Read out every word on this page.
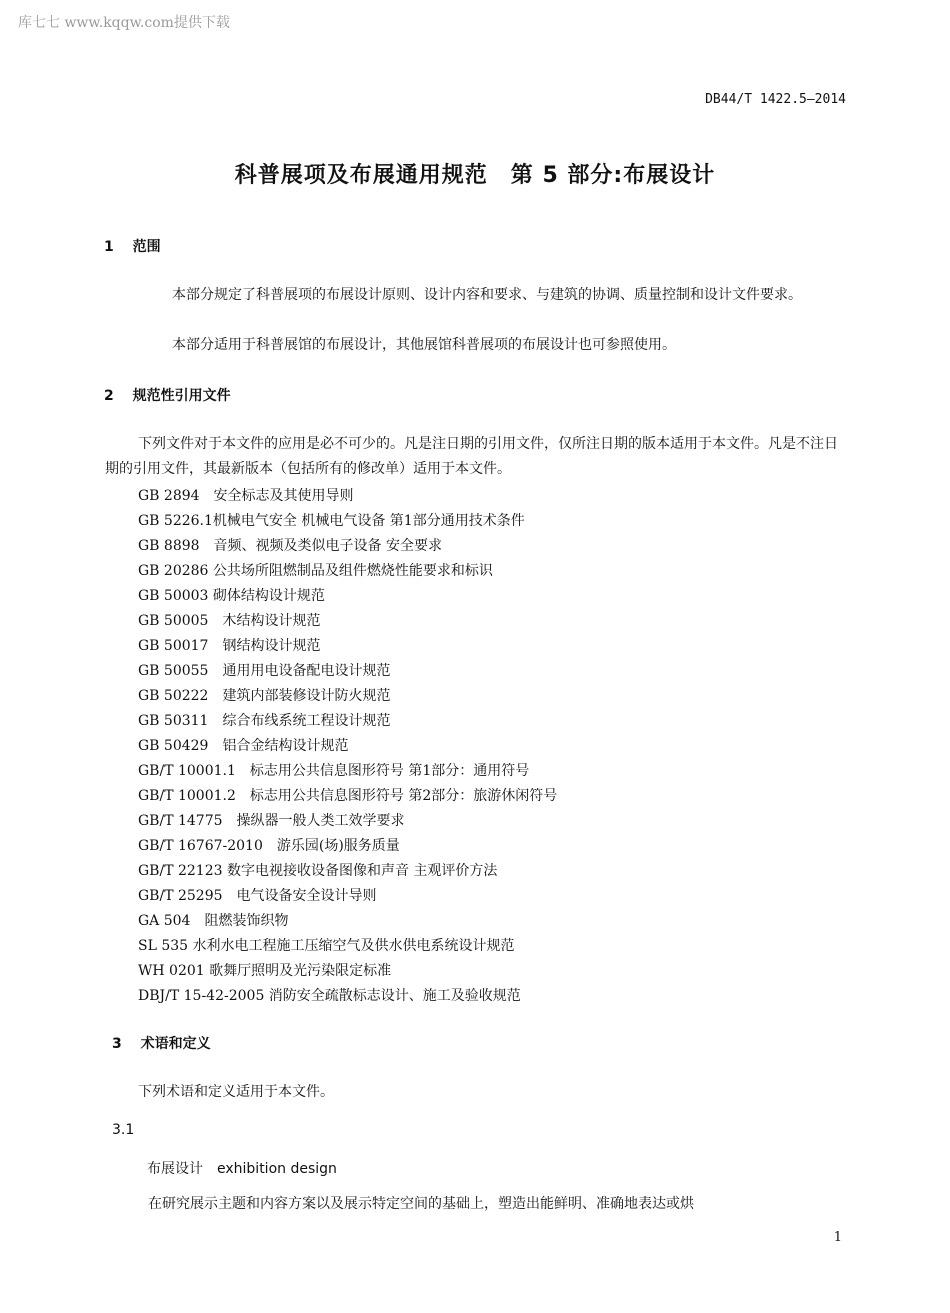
库七七 www.kqqw.com提供下载
DB44/T 1422.5—2014
科普展项及布展通用规范　第 5 部分:布展设计
1 范围
本部分规定了科普展项的布展设计原则、设计内容和要求、与建筑的协调、质量控制和设计文件要求。
本部分适用于科普展馆的布展设计，其他展馆科普展项的布展设计也可参照使用。
2 规范性引用文件
下列文件对于本文件的应用是必不可少的。凡是注日期的引用文件，仅所注日期的版本适用于本文件。凡是不注日期的引用文件，其最新版本（包括所有的修改单）适用于本文件。
GB 2894　安全标志及其使用导则
GB 5226.1机械电气安全 机械电气设备 第1部分通用技术条件
GB 8898　音频、视频及类似电子设备 安全要求
GB 20286 公共场所阻燃制品及组件燃烧性能要求和标识
GB 50003 砌体结构设计规范
GB 50005　木结构设计规范
GB 50017　钢结构设计规范
GB 50055　通用用电设备配电设计规范
GB 50222　建筑内部装修设计防火规范
GB 50311　综合布线系统工程设计规范
GB 50429　铝合金结构设计规范
GB/T 10001.1　标志用公共信息图形符号 第1部分：通用符号
GB/T 10001.2　标志用公共信息图形符号 第2部分：旅游休闲符号
GB/T 14775　操纵器一般人类工效学要求
GB/T 16767-2010　游乐园(场)服务质量
GB/T 22123 数字电视接收设备图像和声音 主观评价方法
GB/T 25295　电气设备安全设计导则
GA 504　阻燃装饰织物
SL 535 水利水电工程施工压缩空气及供水供电系统设计规范
WH 0201 歌舞厅照明及光污染限定标准
DBJ/T 15-42-2005 消防安全疏散标志设计、施工及验收规范
3 术语和定义
下列术语和定义适用于本文件。
3.1
布展设计　exhibition design
在研究展示主题和内容方案以及展示特定空间的基础上，塑造出能鲜明、准确地表达或烘
1
